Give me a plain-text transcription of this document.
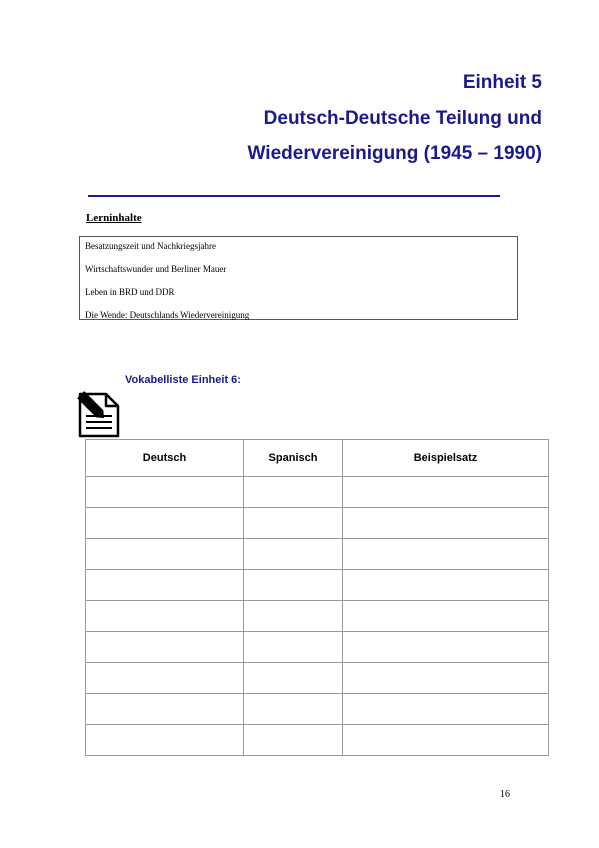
Einheit 5
Deutsch-Deutsche Teilung und
Wiedervereinigung (1945 – 1990)
Lerninhalte
Besatzungszeit und Nachkriegsjahre
Wirtschaftswunder und Berliner Mauer
Leben in BRD und DDR
Die Wende: Deutschlands Wiedervereinigung
Vokabelliste Einheit 6:
Deutsch	Spanisch	Beispielsatz

16
